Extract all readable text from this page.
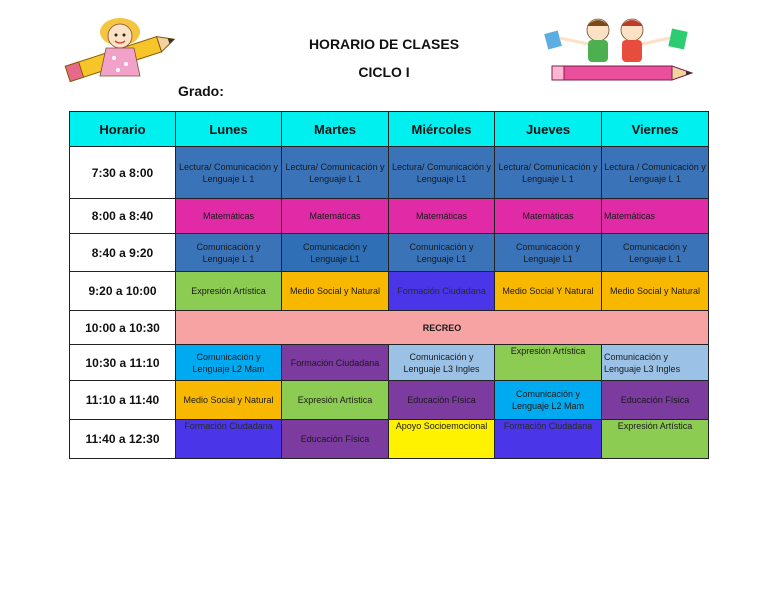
HORARIO DE CLASES
CICLO I
Grado:
Horario	Lunes	Martes	Miércoles	Jueves	Viernes
7:30 a 8:00	Lectura/ Comunicación y Lenguaje L 1	Lectura/ Comunicación y Lenguaje L 1	Lectura/ Comunicación y Lenguaje L1	Lectura/ Comunicación y Lenguaje L 1	Lectura / Comunicación y Lenguaje L 1
8:00 a 8:40	Matemáticas	Matemáticas	Matemáticas	Matemáticas	Matemáticas
8:40 a 9:20	Comunicación y Lenguaje L 1	Comunicación y Lenguaje L1	Comunicación y Lenguaje L1	Comunicación y Lenguaje L1	Comunicación y Lenguaje L 1
9:20 a 10:00	Expresión Artística	Medio Social y Natural	Formación Ciudadana	Medio Social Y Natural	Medio Social y Natural
10:00 a 10:30	RECREO				
10:30 a 11:10	Comunicación y Lenguaje L2 Mam	Formación Ciudadana	Comunicación y Lenguaje L3 Ingles	Expresión Artística	Comunicación y Lenguaje L3 Ingles
11:10 a 11:40	Medio Social y Natural	Expresión Artística	Educación Física	Comunicación y Lenguaje L2 Mam	Educación Física
11:40 a 12:30	Formación Ciudadana	Educación Física	Apoyo Socioemocional	Formación Ciudadana	Expresión Artística
